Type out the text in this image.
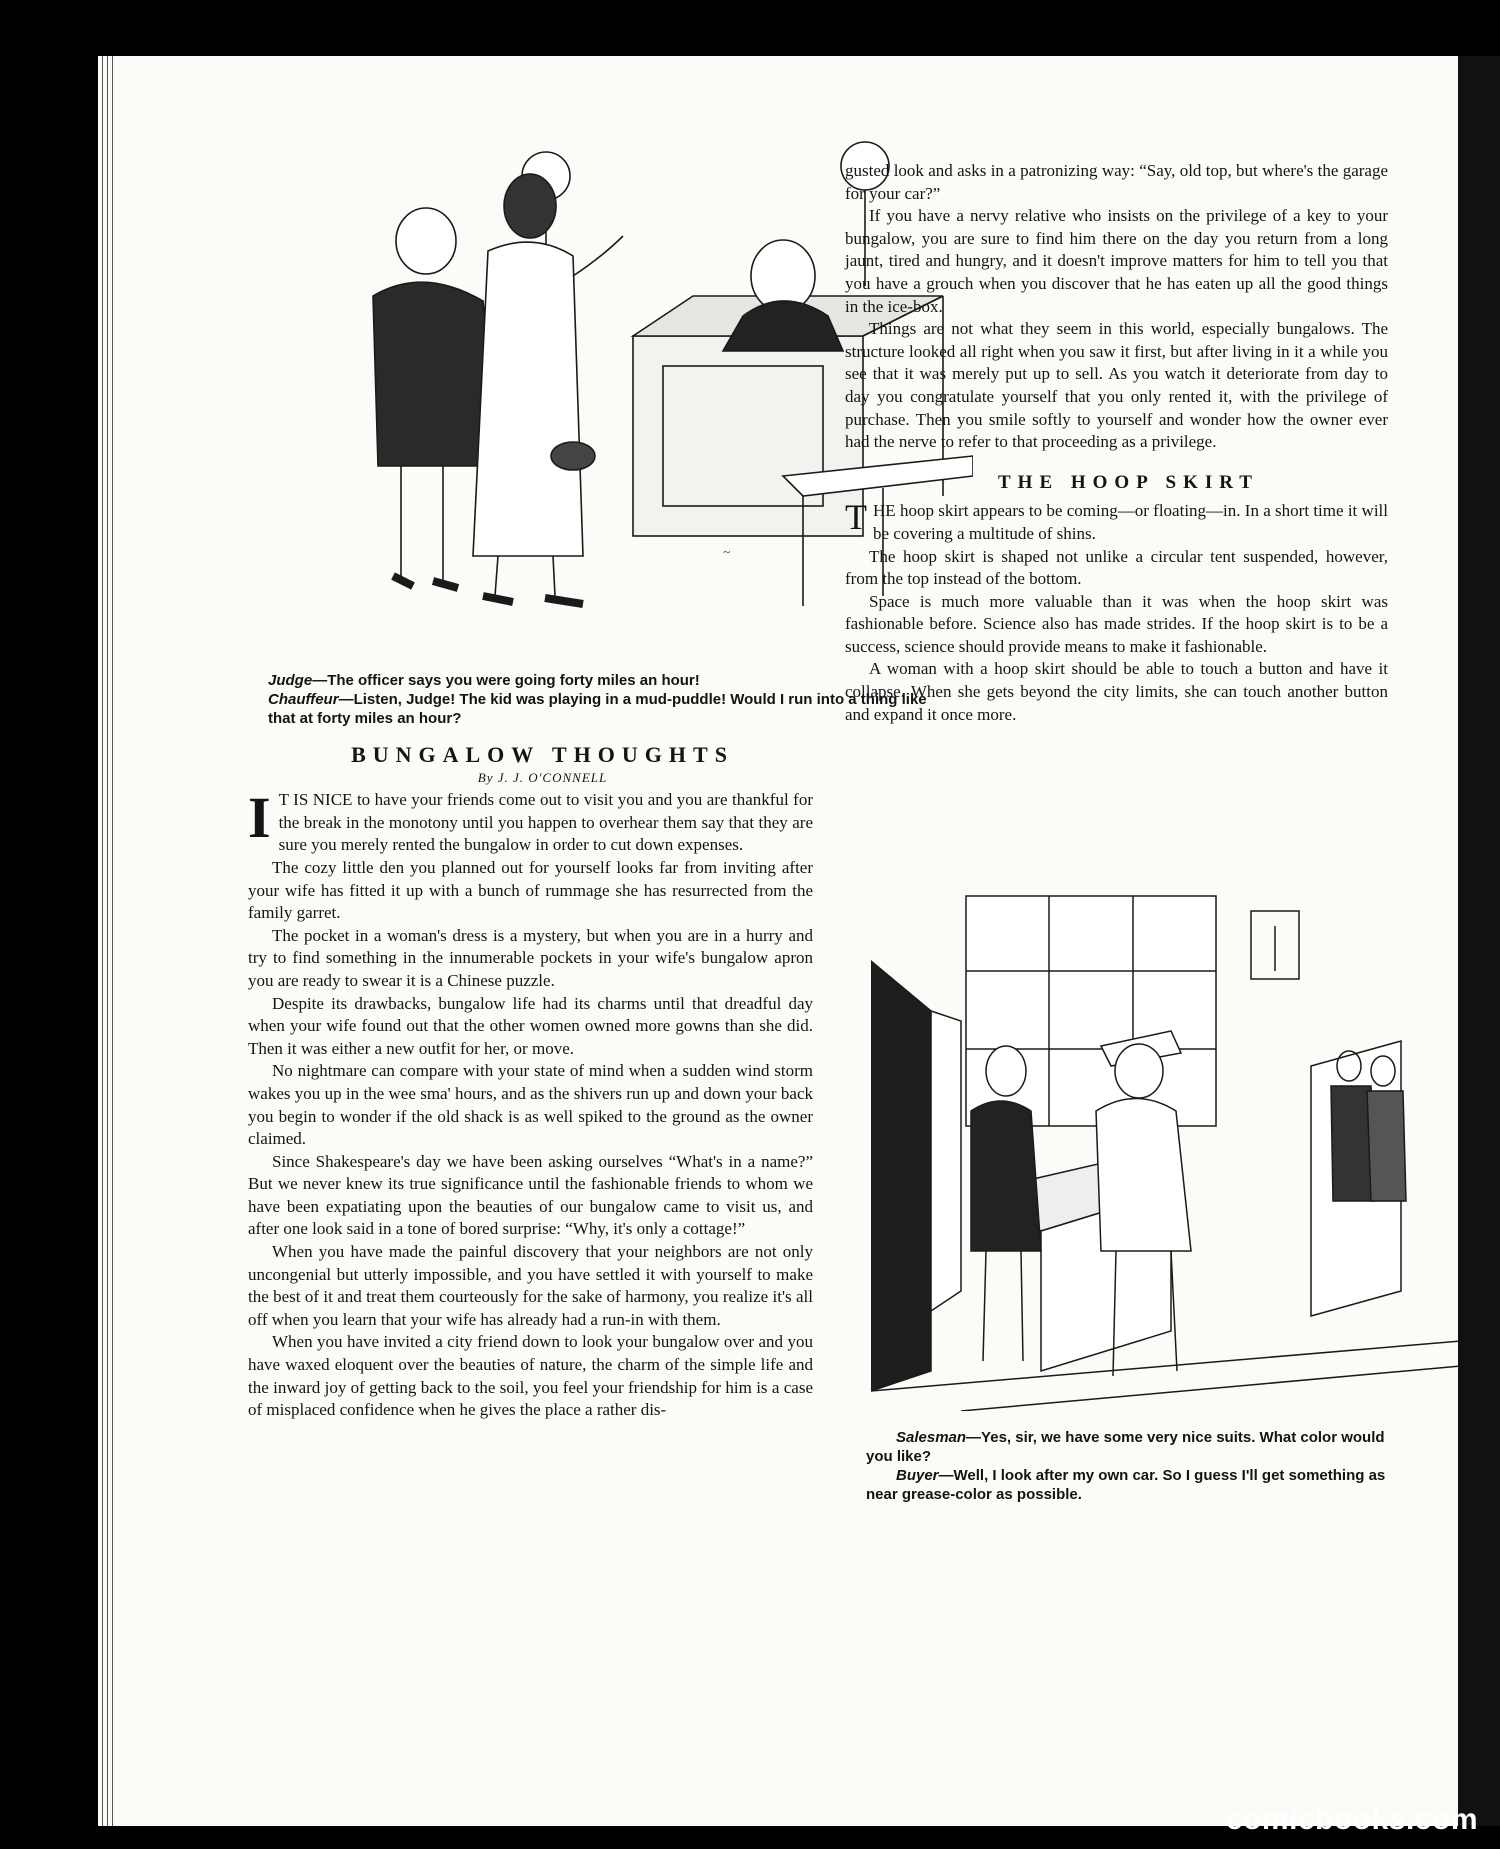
~
Judge—The officer says you were going forty miles an hour!
Chauffeur—Listen, Judge! The kid was playing in a mud-puddle! Would I run into a thing like that at forty miles an hour?

BUNGALOW THOUGHTS

By J. J. O'CONNELL

I T IS NICE to have your friends come out to visit you and you are thankful for the break in the monotony until you happen to overhear them say that they are sure you merely rented the bungalow in order to cut down expenses.

The cozy little den you planned out for yourself looks far from inviting after your wife has fitted it up with a bunch of rummage she has resurrected from the family garret.

The pocket in a woman's dress is a mystery, but when you are in a hurry and try to find something in the innumerable pockets in your wife's bungalow apron you are ready to swear it is a Chinese puzzle.

Despite its drawbacks, bungalow life had its charms until that dreadful day when your wife found out that the other women owned more gowns than she did. Then it was either a new outfit for her, or move.

No nightmare can compare with your state of mind when a sudden wind storm wakes you up in the wee sma' hours, and as the shivers run up and down your back you begin to wonder if the old shack is as well spiked to the ground as the owner claimed.

Since Shakespeare's day we have been asking ourselves “What's in a name?” But we never knew its true significance until the fashionable friends to whom we have been expatiating upon the beauties of our bungalow came to visit us, and after one look said in a tone of bored surprise: “Why, it's only a cottage!”

When you have made the painful discovery that your neighbors are not only uncongenial but utterly impossible, and you have settled it with yourself to make the best of it and treat them courteously for the sake of harmony, you realize it's all off when you learn that your wife has already had a run-in with them.

When you have invited a city friend down to look your bungalow over and you have waxed eloquent over the beauties of nature, the charm of the simple life and the inward joy of getting back to the soil, you feel your friendship for him is a case of misplaced confidence when he gives the place a rather dis-

gusted look and asks in a patronizing way: “Say, old top, but where's the garage for your car?”

If you have a nervy relative who insists on the privilege of a key to your bungalow, you are sure to find him there on the day you return from a long jaunt, tired and hungry, and it doesn't improve matters for him to tell you that you have a grouch when you discover that he has eaten up all the good things in the ice-box.

Things are not what they seem in this world, especially bungalows. The structure looked all right when you saw it first, but after living in it a while you see that it was merely put up to sell. As you watch it deteriorate from day to day you congratulate yourself that you only rented it, with the privilege of purchase. Then you smile softly to yourself and wonder how the owner ever had the nerve to refer to that proceeding as a privilege.

THE HOOP SKIRT

THE hoop skirt appears to be coming—or floating—in. In a short time it will be covering a multitude of shins.

The hoop skirt is shaped not unlike a circular tent suspended, however, from the top instead of the bottom.

Space is much more valuable than it was when the hoop skirt was fashionable before. Science also has made strides. If the hoop skirt is to be a success, science should provide means to make it fashionable.

A woman with a hoop skirt should be able to touch a button and have it collapse. When she gets beyond the city limits, she can touch another button and expand it once more.

Salesman—Yes, sir, we have some very nice suits. What color would you like?
Buyer—Well, I look after my own car. So I guess I'll get something as near grease-color as possible.
comicbooks.com
